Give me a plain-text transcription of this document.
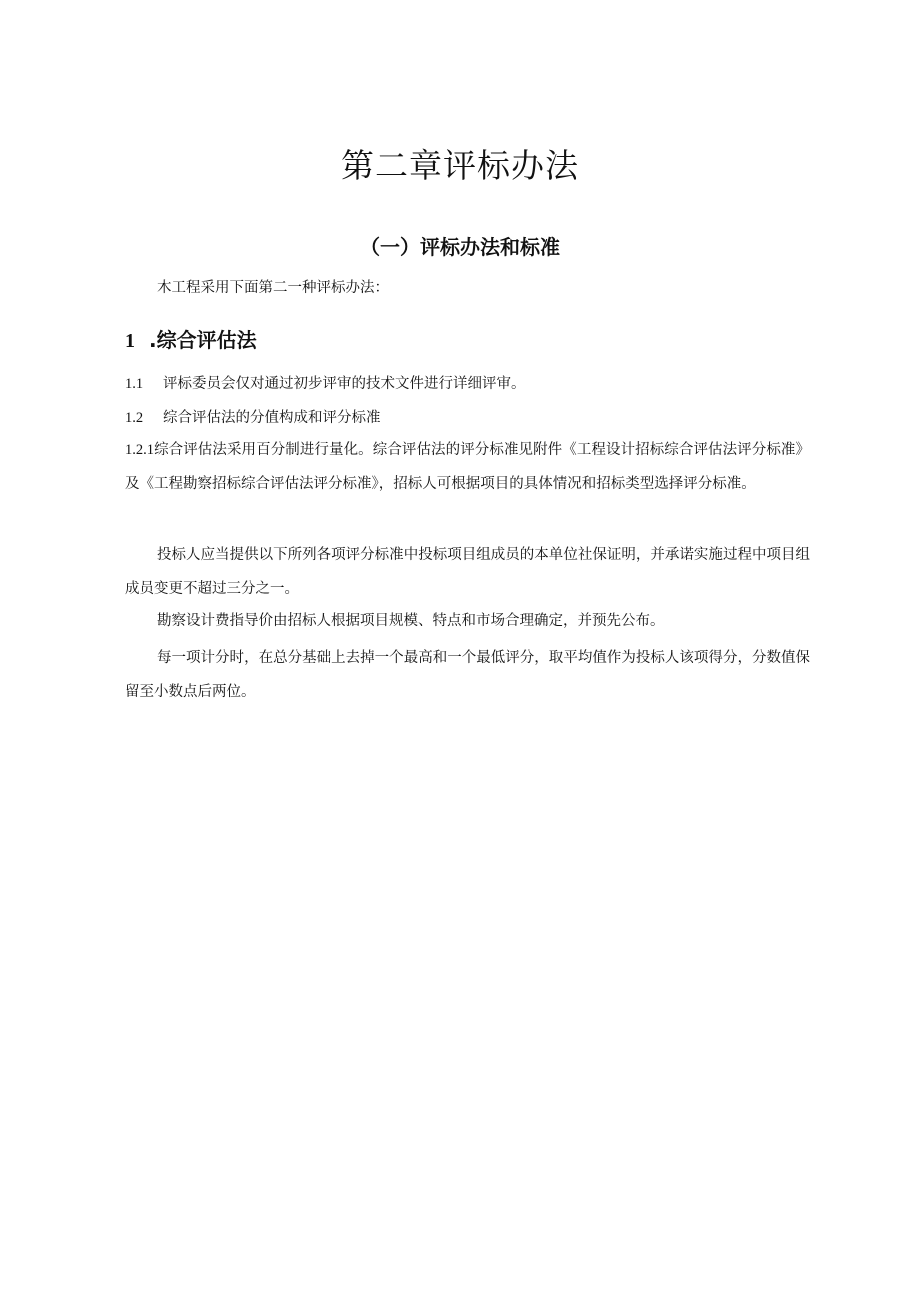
第二章评标办法
（一）评标办法和标准

木工程采用下面第二一种评标办法：

1 .综合评估法

1.1 评标委员会仅对通过初步评审的技术文件进行详细评审。

1.2 综合评估法的分值构成和评分标准

1.2.1综合评估法采用百分制进行量化。综合评估法的评分标准见附件《工程设计招标综合评估法评分标准》及《工程勘察招标综合评估法评分标准》，招标人可根据项目的具体情况和招标类型选择评分标准。

投标人应当提供以下所列各项评分标准中投标项目组成员的本单位社保证明，并承诺实施过程中项目组成员变更不超过三分之一。

勘察设计费指导价由招标人根据项目规模、特点和市场合理确定，并预先公布。

每一项计分时，在总分基础上去掉一个最高和一个最低评分，取平均值作为投标人该项得分，分数值保留至小数点后两位。
